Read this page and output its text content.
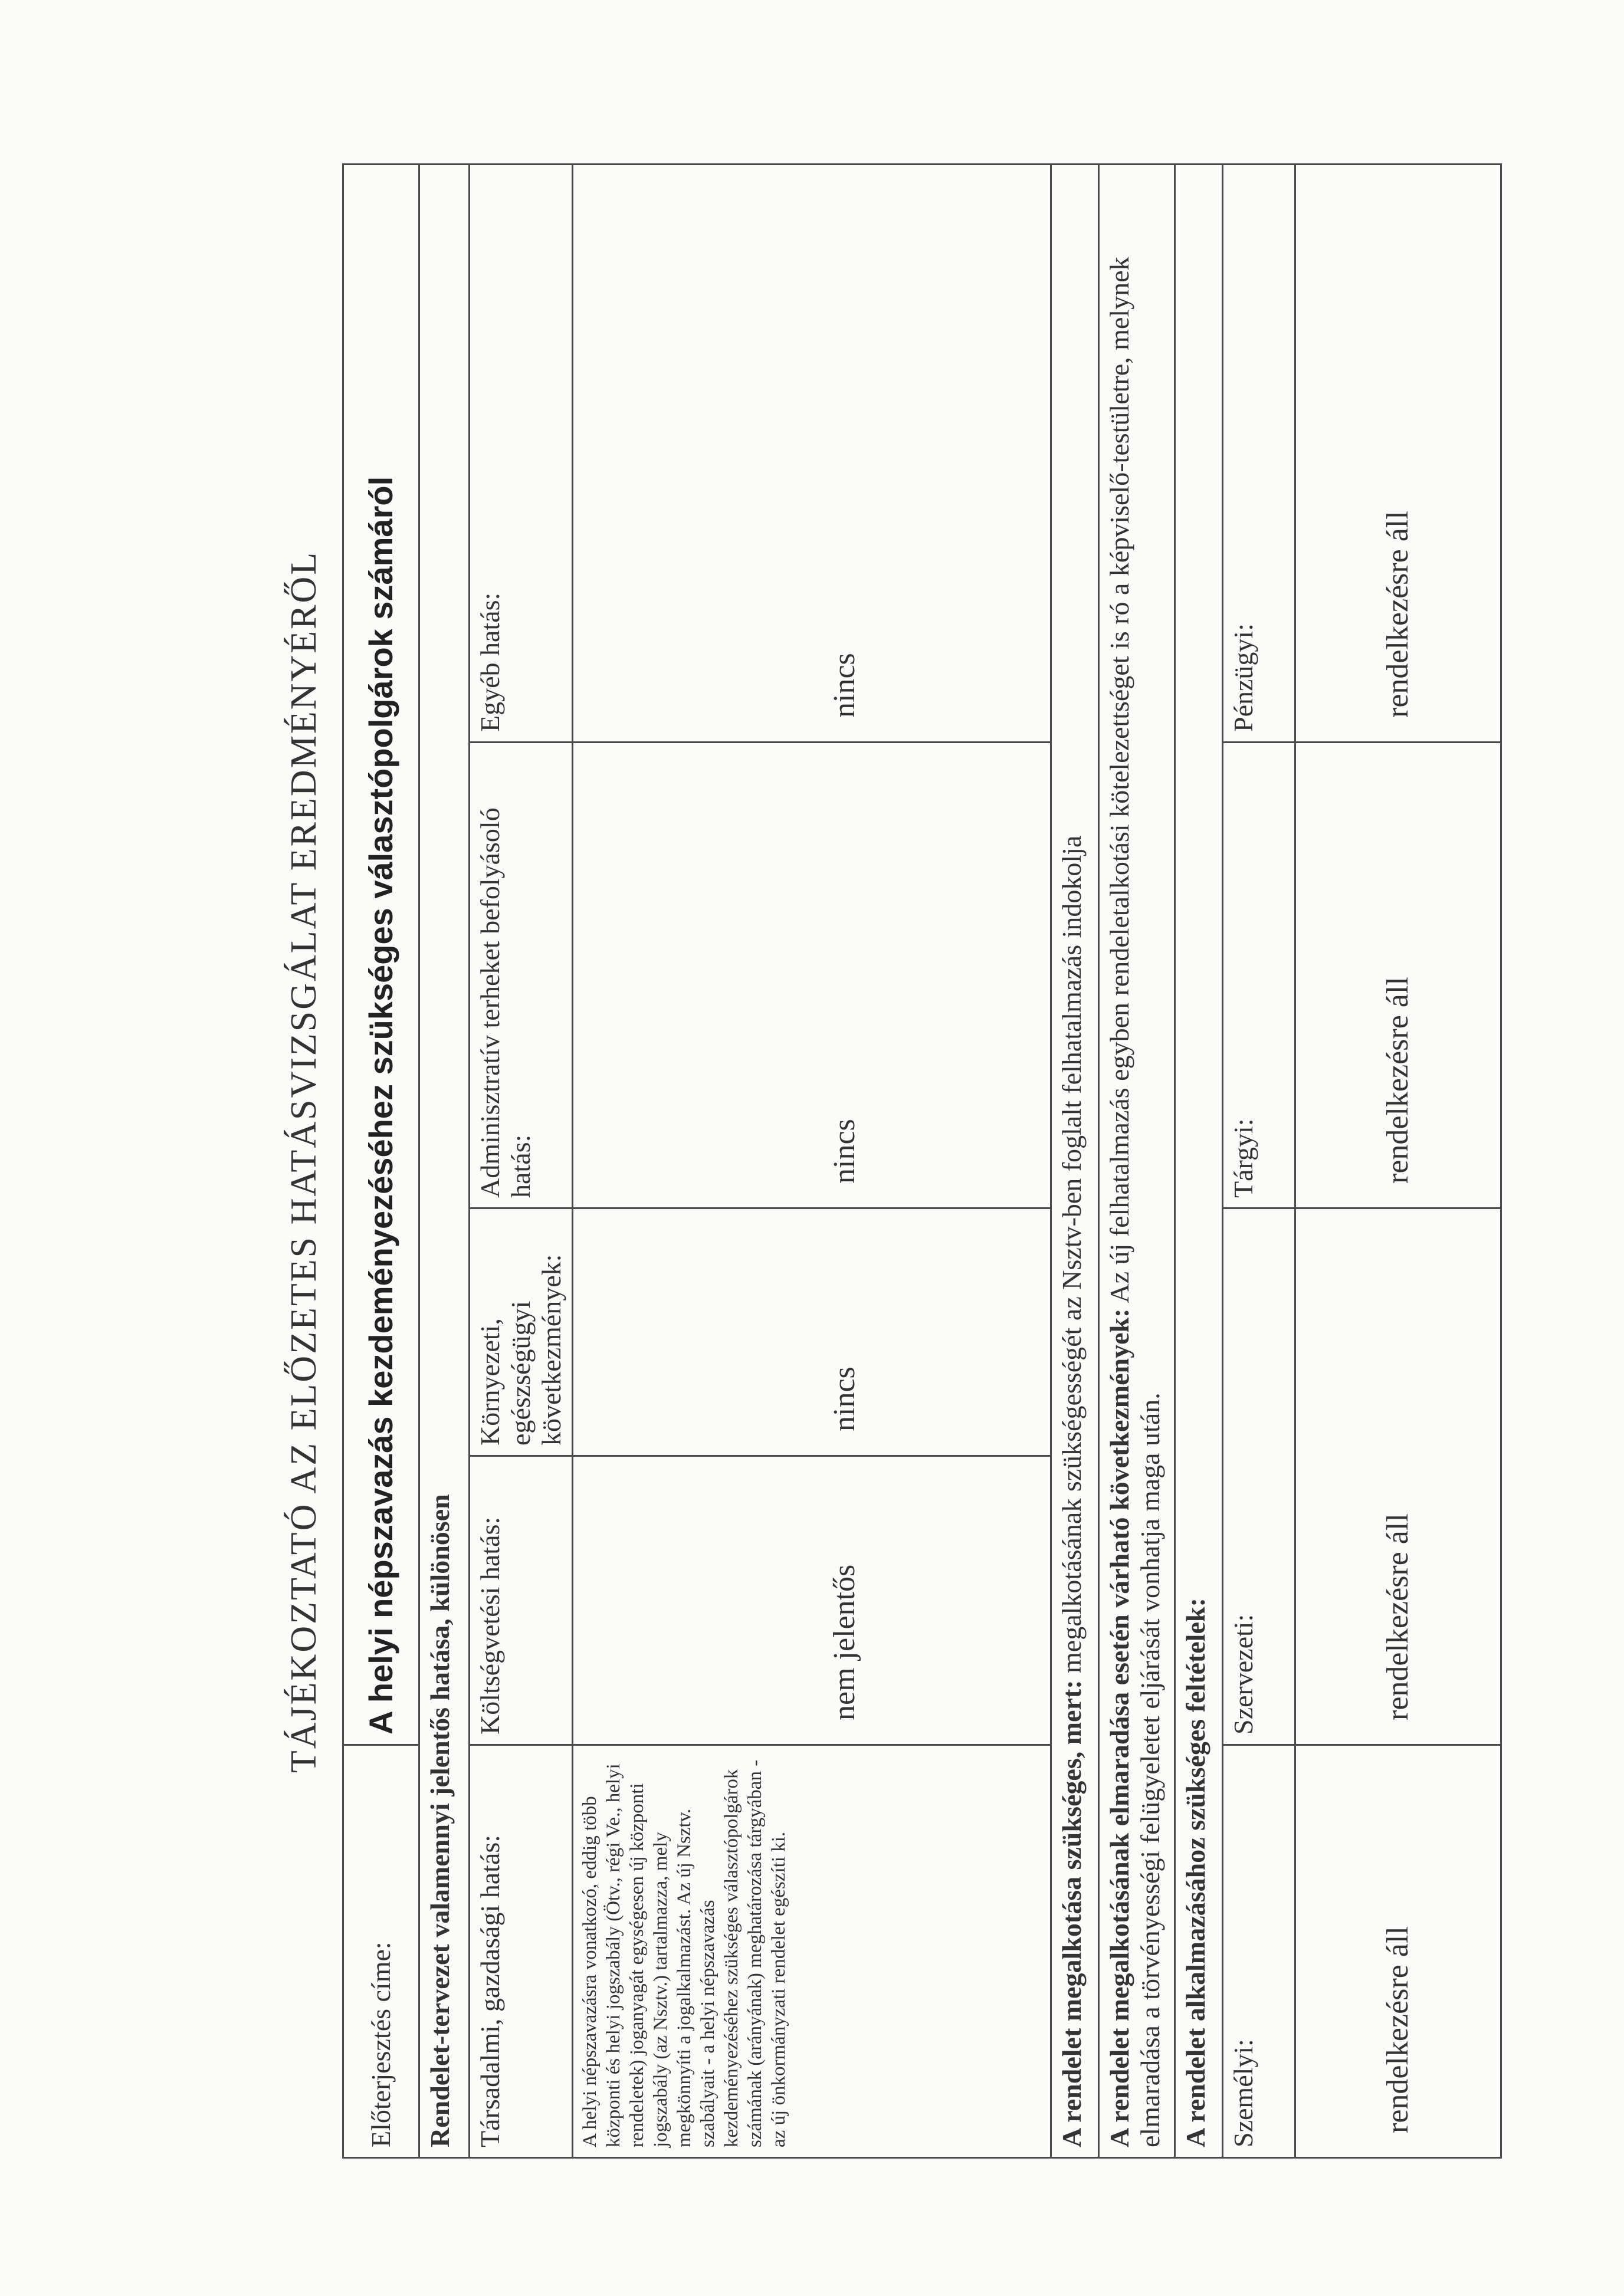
TÁJÉKOZTATÓ AZ ELŐZETES HATÁSVIZSGÁLAT EREDMÉNYÉRŐL
Előterjesztés címe:	A helyi népszavazás kezdeményezéséhez szükséges választópolgárok számáról			
Rendelet-tervezet valamennyi jelentős hatása, különösen				
Társadalmi, gazdasági hatás:	Költségvetési hatás:	Környezeti, egészségügyi következmények:	Adminisztratív terheket befolyásoló hatás:	Egyéb hatás:
A helyi népszavazásra vonatkozó, eddig több központi és helyi jogszabály (Ötv., régi Ve., helyi rendeletek) joganyagát egységesen új központi jogszabály (az Nsztv.) tartalmazza, mely megkönnyíti a jogalkalmazást. Az új Nsztv. szabályait - a helyi népszavazás kezdeményezéséhez szükséges választópolgárok számának (arányának) meghatározása tárgyában - az új önkormányzati rendelet egészíti ki.	nem jelentős	nincs	nincs	nincs
A rendelet megalkotása szükséges, mert: megalkotásának szükségességét az Nsztv-ben foglalt felhatalmazás indokolja				
A rendelet megalkotásának elmaradása esetén várható következmények: Az új felhatalmazás egyben rendeletalkotási kötelezettséget is ró a képviselő-testületre, melynek elmaradása a törvényességi felügyeletet eljárását vonhatja maga után.				
A rendelet alkalmazásához szükséges feltételek:				
Személyi:	Szervezeti:		Tárgyi:	Pénzügyi:
rendelkezésre áll	rendelkezésre áll		rendelkezésre áll	rendelkezésre áll
